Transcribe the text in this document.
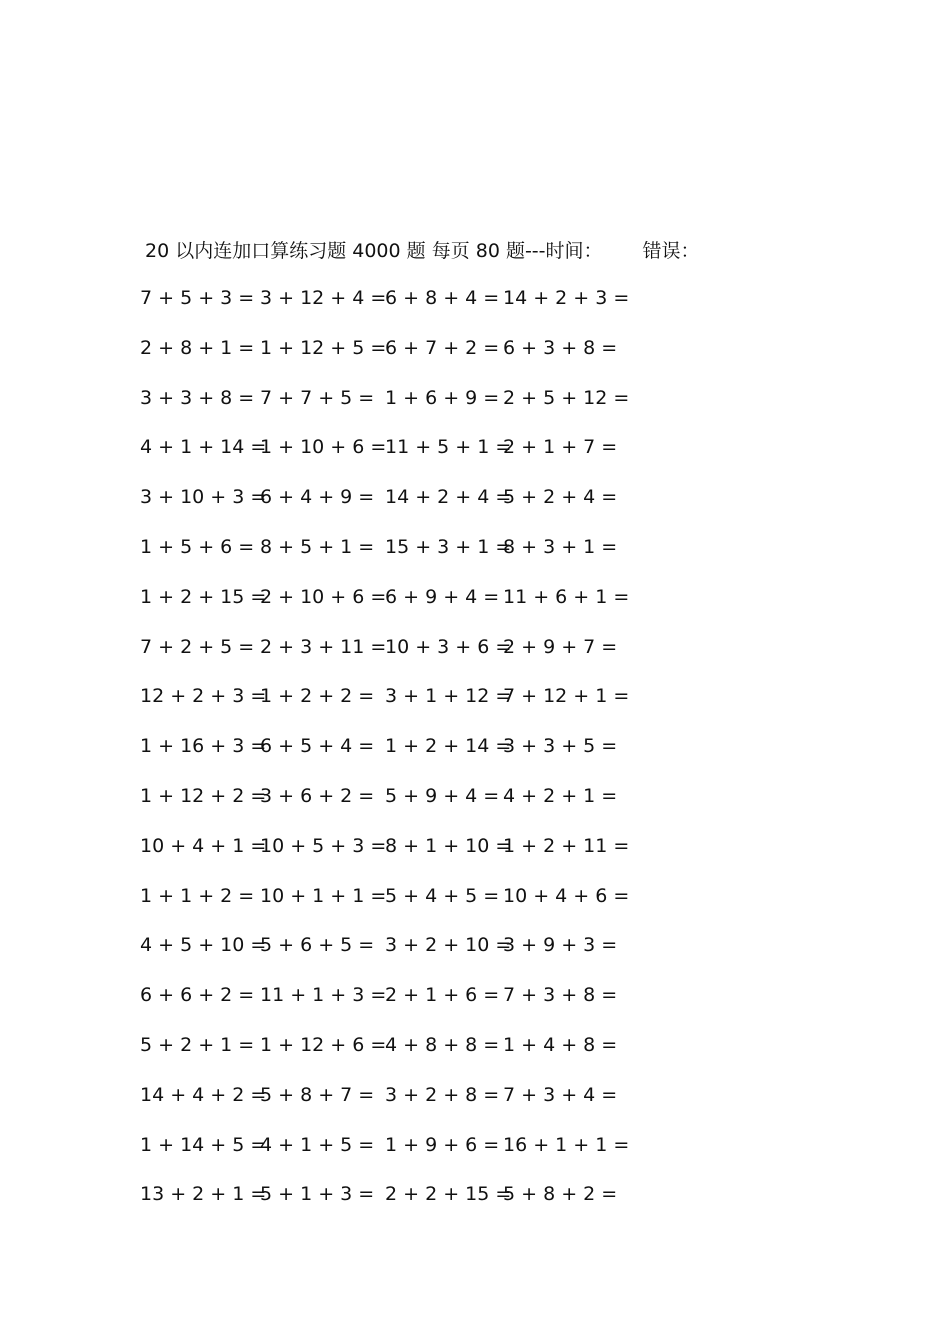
20 以内连加口算练习题 4000 题 每页 80 题---时间： 错误：
7 + 5 + 3 = 3 + 12 + 4 =
6 + 8 + 4 = 14 + 2 + 3 =
2 + 8 + 1 = 1 + 12 + 5 =
6 + 7 + 2 = 6 + 3 + 8 =
3 + 3 + 8 = 7 + 7 + 5 = 1 + 6 + 9 = 2 + 5 + 12 =
4 + 1 + 14 =
1 + 10 + 6 =
11 + 5 + 1 =
2 + 1 + 7 =
3 + 10 + 3 =
6 + 4 + 9 = 14 + 2 + 4 =
5 + 2 + 4 =
1 + 5 + 6 = 8 + 5 + 1 = 15 + 3 + 1 =
8 + 3 + 1 =
1 + 2 + 15 =
2 + 10 + 6 =
6 + 9 + 4 = 11 + 6 + 1 =
7 + 2 + 5 = 2 + 3 + 11 =
10 + 3 + 6 =
2 + 9 + 7 =
12 + 2 + 3 =
1 + 2 + 2 = 3 + 1 + 12 =
7 + 12 + 1 =
1 + 16 + 3 =
6 + 5 + 4 = 1 + 2 + 14 =
3 + 3 + 5 =
1 + 12 + 2 =
3 + 6 + 2 = 5 + 9 + 4 = 4 + 2 + 1 =
10 + 4 + 1 =
10 + 5 + 3 =
8 + 1 + 10 =
1 + 2 + 11 =
1 + 1 + 2 = 10 + 1 + 1 =
5 + 4 + 5 = 10 + 4 + 6 =
4 + 5 + 10 =
5 + 6 + 5 = 3 + 2 + 10 =
3 + 9 + 3 =
6 + 6 + 2 = 11 + 1 + 3 =
2 + 1 + 6 = 7 + 3 + 8 =
5 + 2 + 1 = 1 + 12 + 6 =
4 + 8 + 8 = 1 + 4 + 8 =
14 + 4 + 2 =
5 + 8 + 7 = 3 + 2 + 8 = 7 + 3 + 4 =
1 + 14 + 5 =
4 + 1 + 5 = 1 + 9 + 6 = 16 + 1 + 1 =
13 + 2 + 1 =
5 + 1 + 3 = 2 + 2 + 15 =
5 + 8 + 2 =
